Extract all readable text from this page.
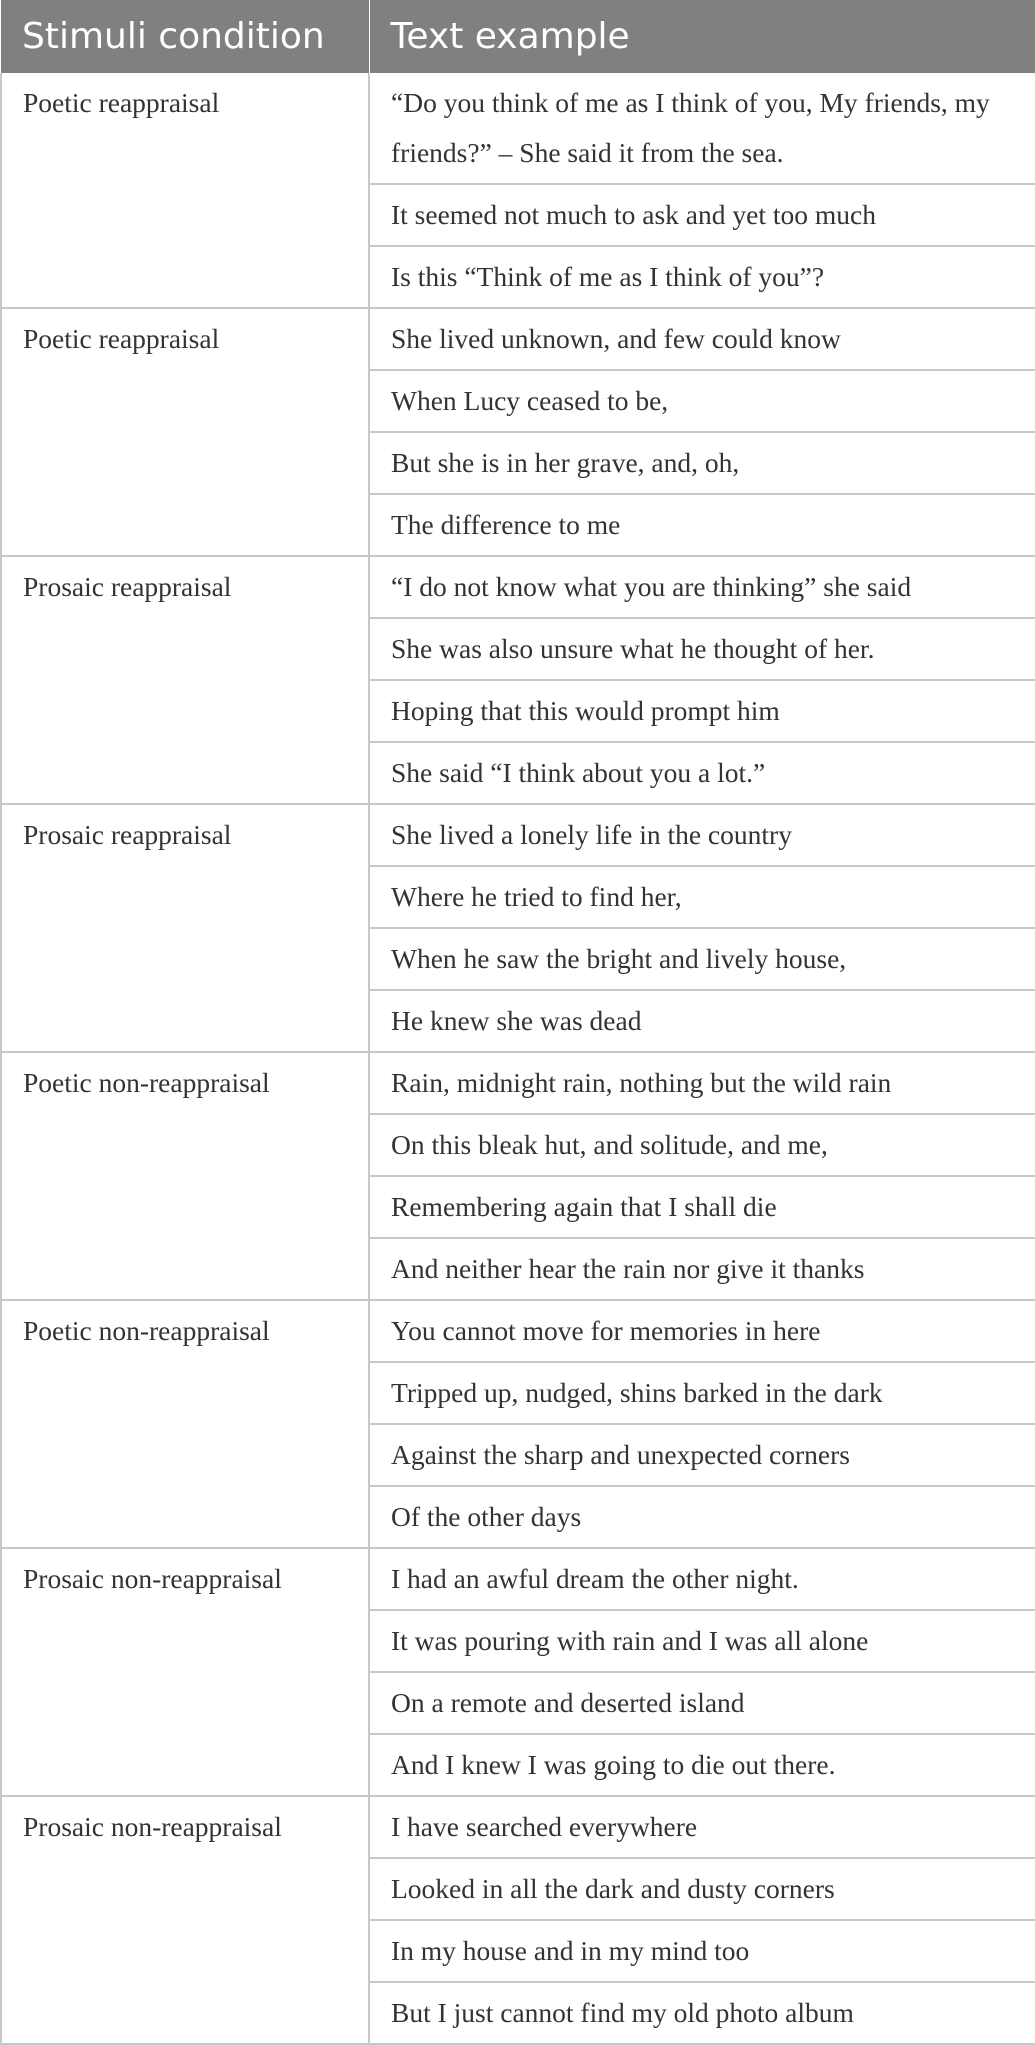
Stimuli condition	Text example
Poetic reappraisal	“Do you think of me as I think of you, My friends, my friends?” – She said it from the sea.
	It seemed not much to ask and yet too much
	Is this “Think of me as I think of you”?
Poetic reappraisal	She lived unknown, and few could know
	When Lucy ceased to be,
	But she is in her grave, and, oh,
	The difference to me
Prosaic reappraisal	“I do not know what you are thinking” she said
	She was also unsure what he thought of her.
	Hoping that this would prompt him
	She said “I think about you a lot.”
Prosaic reappraisal	She lived a lonely life in the country
	Where he tried to find her,
	When he saw the bright and lively house,
	He knew she was dead
Poetic non-reappraisal	Rain, midnight rain, nothing but the wild rain
	On this bleak hut, and solitude, and me,
	Remembering again that I shall die
	And neither hear the rain nor give it thanks
Poetic non-reappraisal	You cannot move for memories in here
	Tripped up, nudged, shins barked in the dark
	Against the sharp and unexpected corners
	Of the other days
Prosaic non-reappraisal	I had an awful dream the other night.
	It was pouring with rain and I was all alone
	On a remote and deserted island
	And I knew I was going to die out there.
Prosaic non-reappraisal	I have searched everywhere
	Looked in all the dark and dusty corners
	In my house and in my mind too
	But I just cannot find my old photo album
